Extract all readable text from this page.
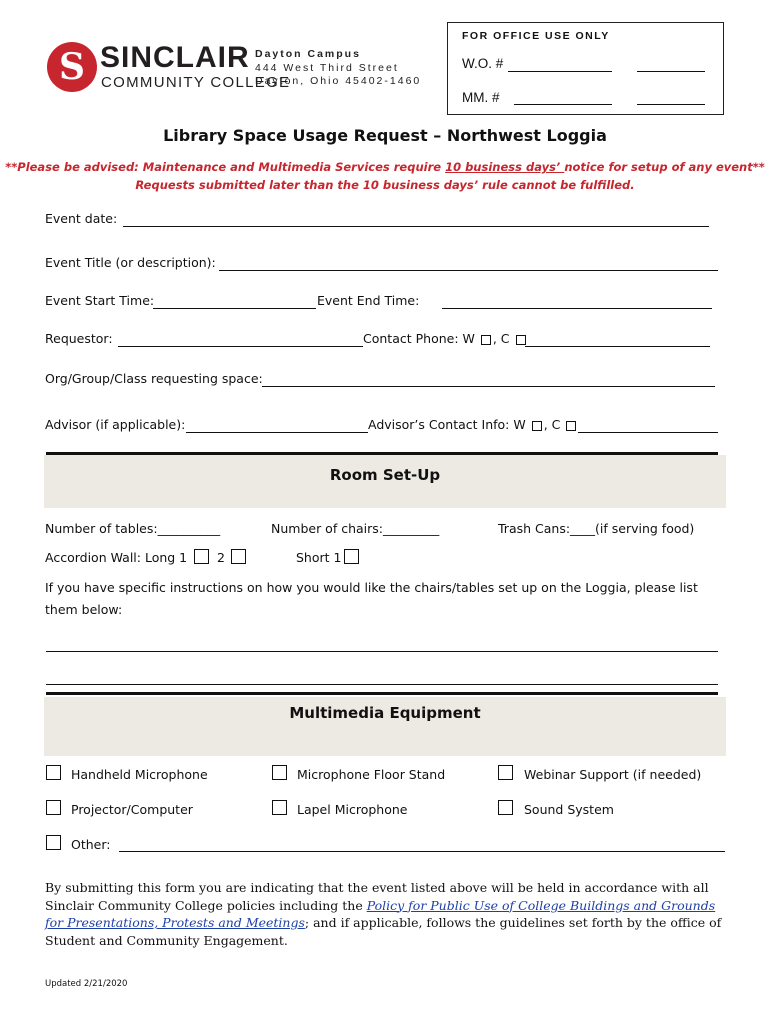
S SINCLAIR
COMMUNITY COLLEGE
Dayton Campus
444 West Third Street
Dayton, Ohio 45402-1460
FOR OFFICE USE ONLY
W.O. #
MM. #
Library Space Usage Request – Northwest Loggia
**Please be advised: Maintenance and Multimedia Services require 10 business days’ notice for setup of any event**
Requests submitted later than the 10 business days’ rule cannot be fulfilled.
Event date:
Event Title (or description):
Event Start Time:	Event End Time:
Requestor:	Contact Phone: W , C
Org/Group/Class requesting space:
Advisor (if applicable):	Advisor’s Contact Info: W , C
Room Set-Up
Number of tables:__________	Number of chairs:_________	Trash Cans:____(if serving food)
Accordion Wall: Long 1 2	Short 1
If you have specific instructions on how you would like the chairs/tables set up on the Loggia, please list
them below:
Multimedia Equipment
Handheld Microphone	Microphone Floor Stand	Webinar Support (if needed)
Projector/Computer	Lapel Microphone	Sound System
Other:
By submitting this form you are indicating that the event listed above will be held in accordance with all Sinclair Community College policies including the Policy for Public Use of College Buildings and Grounds for Presentations, Protests and Meetings; and if applicable, follows the guidelines set forth by the office of Student and Community Engagement.
Updated 2/21/2020
